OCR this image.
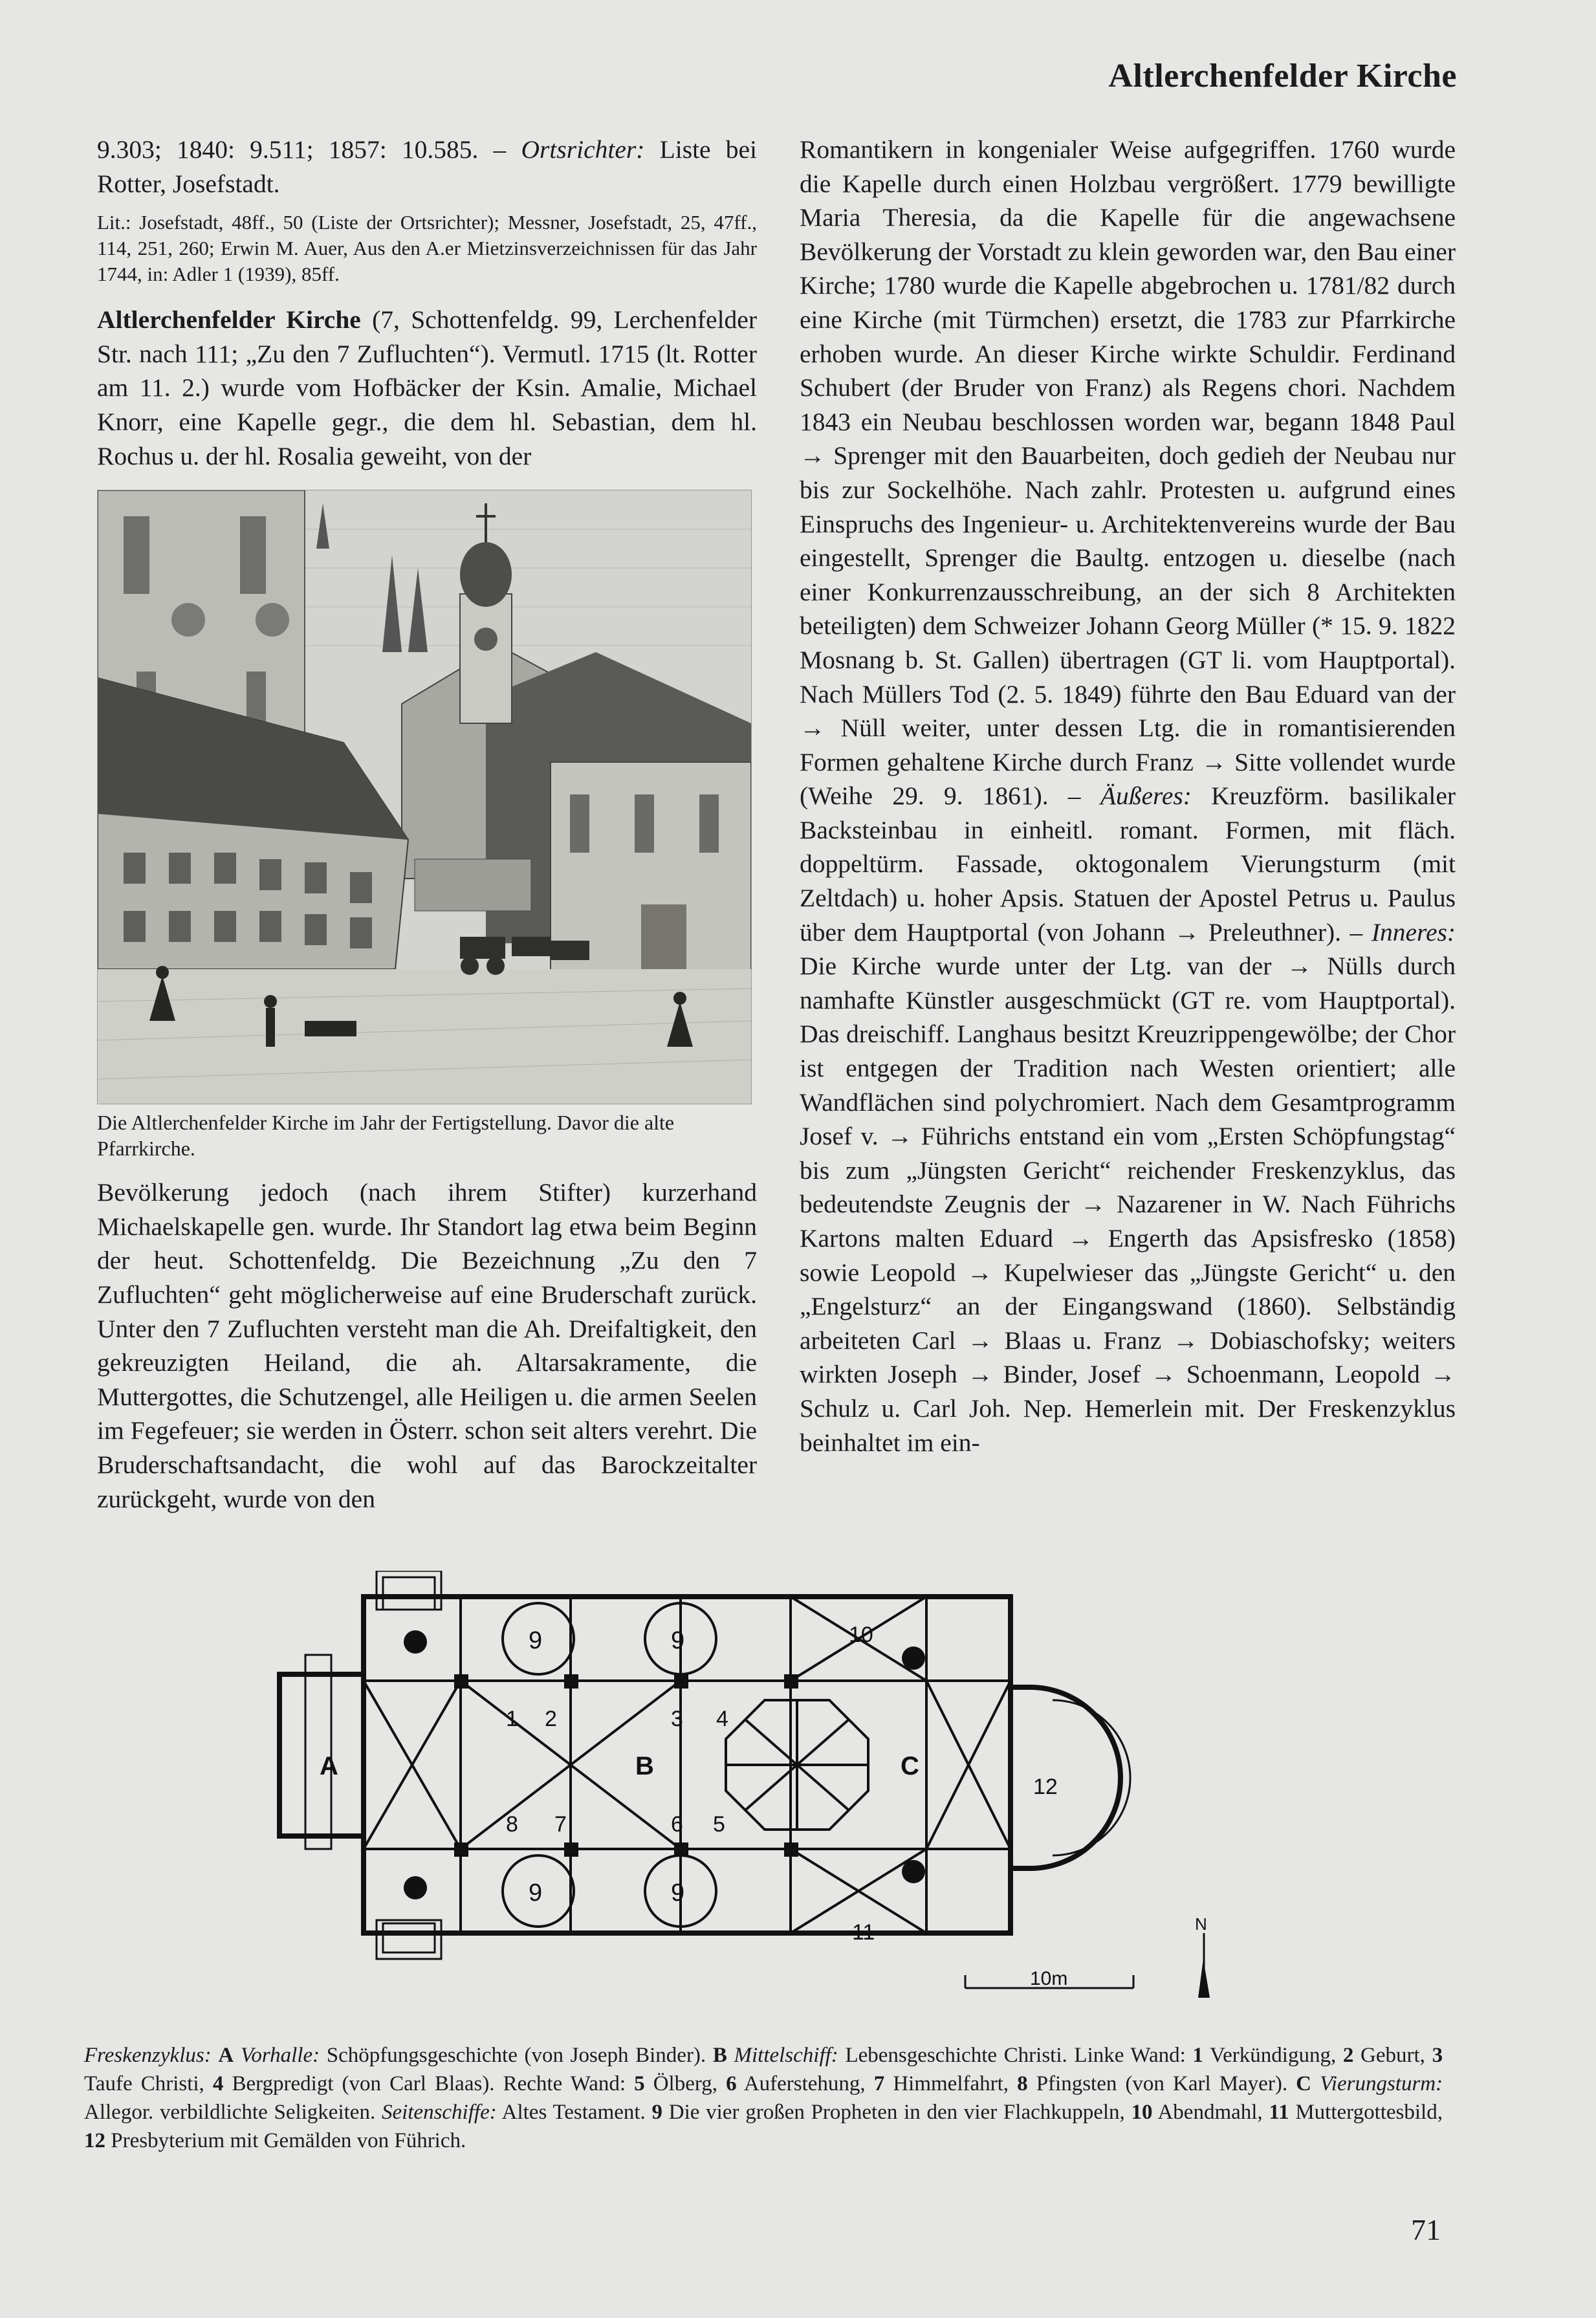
Altlerchenfelder Kirche

9.303; 1840: 9.511; 1857: 10.585. – Ortsrichter: Liste bei Rotter, Josefstadt.

Lit.: Josefstadt, 48ff., 50 (Liste der Ortsrichter); Messner, Josefstadt, 25, 47ff., 114, 251, 260; Erwin M. Auer, Aus den A.er Mietzinsverzeichnissen für das Jahr 1744, in: Adler 1 (1939), 85ff.

Altlerchenfelder Kirche (7, Schottenfeldg. 99, Lerchenfelder Str. nach 111; „Zu den 7 Zufluchten“). Vermutl. 1715 (lt. Rotter am 11. 2.) wurde vom Hofbäcker der Ksin. Amalie, Michael Knorr, eine Kapelle gegr., die dem hl. Sebastian, dem hl. Rochus u. der hl. Rosalia geweiht, von der

Die Altlerchenfelder Kirche im Jahr der Fertigstellung. Davor die alte Pfarrkirche.

Bevölkerung jedoch (nach ihrem Stifter) kurzerhand Michaelskapelle gen. wurde. Ihr Standort lag etwa beim Beginn der heut. Schottenfeldg. Die Bezeichnung „Zu den 7 Zufluchten“ geht möglicherweise auf eine Bruderschaft zurück. Unter den 7 Zufluchten versteht man die Ah. Dreifaltigkeit, den gekreuzigten Heiland, die ah. Altarsakramente, die Muttergottes, die Schutzengel, alle Heiligen u. die armen Seelen im Fegefeuer; sie werden in Österr. schon seit alters verehrt. Die Bruderschaftsandacht, die wohl auf das Barockzeitalter zurückgeht, wurde von den

Romantikern in kongenialer Weise aufgegriffen. 1760 wurde die Kapelle durch einen Holzbau vergrößert. 1779 bewilligte Maria Theresia, da die Kapelle für die angewachsene Bevölkerung der Vorstadt zu klein geworden war, den Bau einer Kirche; 1780 wurde die Kapelle abgebrochen u. 1781/82 durch eine Kirche (mit Türmchen) ersetzt, die 1783 zur Pfarrkirche erhoben wurde. An dieser Kirche wirkte Schuldir. Ferdinand Schubert (der Bruder von Franz) als Regens chori. Nachdem 1843 ein Neubau beschlossen worden war, begann 1848 Paul → Sprenger mit den Bauarbeiten, doch gedieh der Neubau nur bis zur Sockelhöhe. Nach zahlr. Protesten u. aufgrund eines Einspruchs des Ingenieur- u. Architektenvereins wurde der Bau eingestellt, Sprenger die Baultg. entzogen u. dieselbe (nach einer Konkurrenzausschreibung, an der sich 8 Architekten beteiligten) dem Schweizer Johann Georg Müller (* 15. 9. 1822 Mosnang b. St. Gallen) übertragen (GT li. vom Hauptportal). Nach Müllers Tod (2. 5. 1849) führte den Bau Eduard van der → Nüll weiter, unter dessen Ltg. die in romantisierenden Formen gehaltene Kirche durch Franz → Sitte vollendet wurde (Weihe 29. 9. 1861). – Äußeres: Kreuzförm. basilikaler Backsteinbau in einheitl. romant. Formen, mit fläch. doppeltürm. Fassade, oktogonalem Vierungsturm (mit Zeltdach) u. hoher Apsis. Statuen der Apostel Petrus u. Paulus über dem Hauptportal (von Johann → Preleuthner). – Inneres: Die Kirche wurde unter der Ltg. van der → Nülls durch namhafte Künstler ausgeschmückt (GT re. vom Hauptportal). Das dreischiff. Langhaus besitzt Kreuzrippengewölbe; der Chor ist entgegen der Tradition nach Westen orientiert; alle Wandflächen sind polychromiert. Nach dem Gesamtprogramm Josef v. → Führichs entstand ein vom „Ersten Schöpfungstag“ bis zum „Jüngsten Gericht“ reichender Freskenzyklus, das bedeutendste Zeugnis der → Nazarener in W. Nach Führichs Kartons malten Eduard → Engerth das Apsisfresko (1858) sowie Leopold → Kupelwieser das „Jüngste Gericht“ u. den „Engelsturz“ an der Eingangswand (1860). Selbständig arbeiteten Carl → Blaas u. Franz → Dobiaschofsky; weiters wirkten Joseph → Binder, Josef → Schoenmann, Leopold → Schulz u. Carl Joh. Nep. Hemerlein mit. Der Freskenzyklus beinhaltet im ein-

A	B	C
1 2	3 4
5
6
7
8
9	9
9	9
10
11
12
10m
N

Freskenzyklus: A Vorhalle: Schöpfungsgeschichte (von Joseph Binder). B Mittelschiff: Lebensgeschichte Christi. Linke Wand: 1 Verkündigung, 2 Geburt, 3 Taufe Christi, 4 Bergpredigt (von Carl Blaas). Rechte Wand: 5 Ölberg, 6 Auferstehung, 7 Himmelfahrt, 8 Pfingsten (von Karl Mayer). C Vierungsturm: Allegor. verbildlichte Seligkeiten. Seitenschiffe: Altes Testament. 9 Die vier großen Propheten in den vier Flachkuppeln, 10 Abendmahl, 11 Muttergottesbild, 12 Presbyterium mit Gemälden von Führich.

71
